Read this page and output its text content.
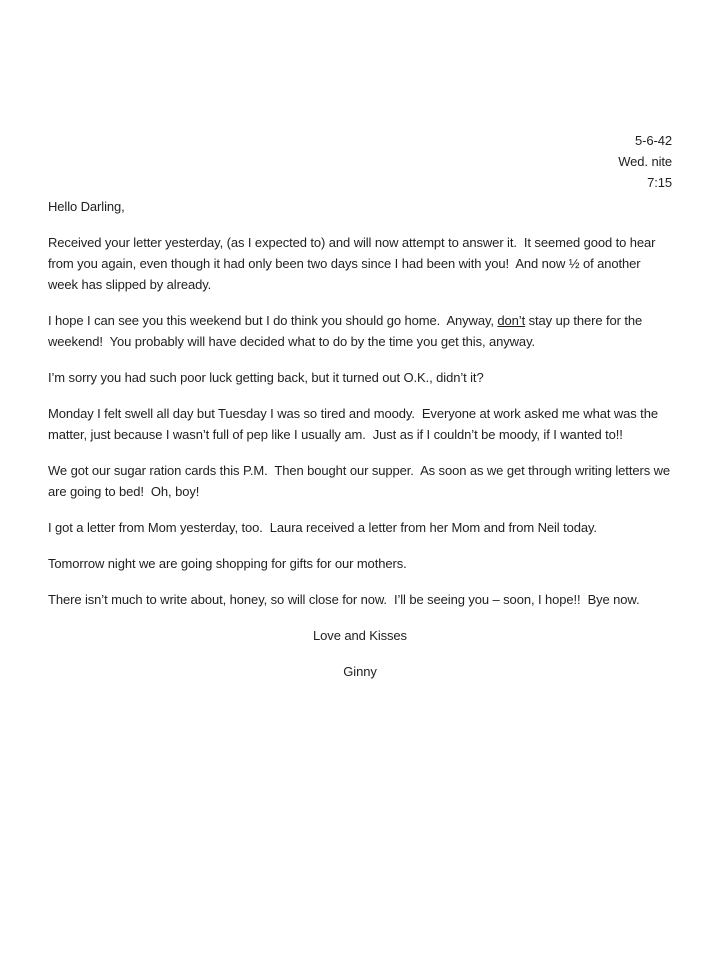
5-6-42
Wed. nite
7:15

Hello Darling,

Received your letter yesterday, (as I expected to) and will now attempt to answer it.  It seemed good to hear from you again, even though it had only been two days since I had been with you!  And now ½ of another week has slipped by already.

I hope I can see you this weekend but I do think you should go home.  Anyway, don’t stay up there for the weekend!  You probably will have decided what to do by the time you get this, anyway.

I’m sorry you had such poor luck getting back, but it turned out O.K., didn’t it?

Monday I felt swell all day but Tuesday I was so tired and moody.  Everyone at work asked me what was the matter, just because I wasn’t full of pep like I usually am.  Just as if I couldn’t be moody, if I wanted to!!

We got our sugar ration cards this P.M.  Then bought our supper.  As soon as we get through writing letters we are going to bed!  Oh, boy!

I got a letter from Mom yesterday, too.  Laura received a letter from her Mom and from Neil today.

Tomorrow night we are going shopping for gifts for our mothers.

There isn’t much to write about, honey, so will close for now.  I’ll be seeing you – soon, I hope!!  Bye now.

Love and Kisses

Ginny
